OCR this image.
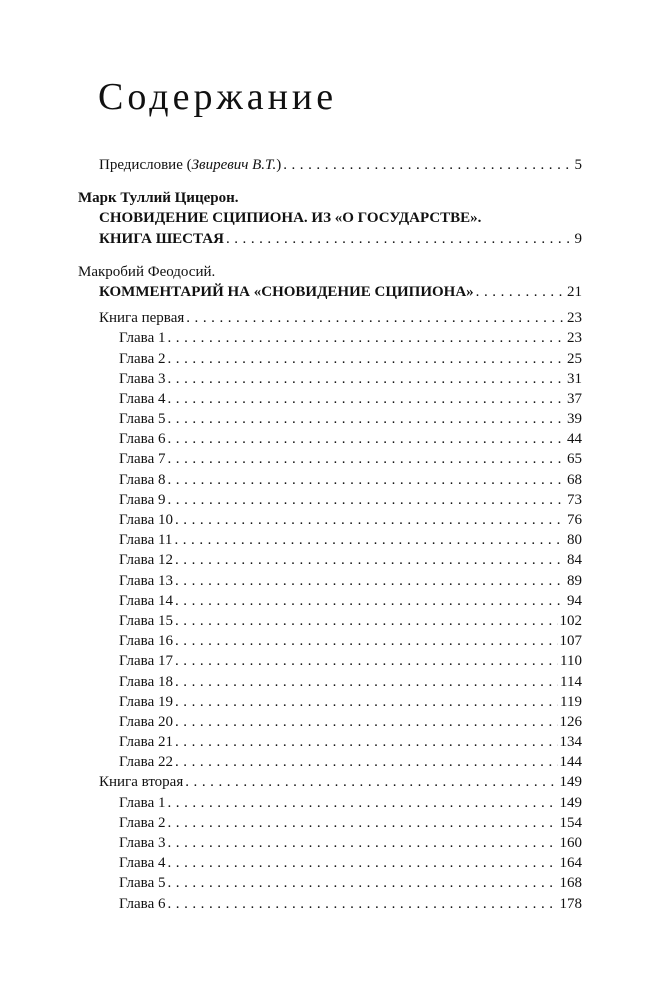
Содержание
Предисловие (Звиревич В.Т.) . . .	5
Марк Туллий Цицерон.
СНОВИДЕНИЕ СЦИПИОНА. ИЗ «О ГОСУДАРСТВЕ».
КНИГА ШЕСТАЯ . . .	9
Макробий Феодосий.
КОММЕНТАРИЙ НА «СНОВИДЕНИЕ СЦИПИОНА» . . .	21
Книга первая . . .	23
Глава 1 . . .	23
Глава 2 . . .	25
Глава 3 . . .	31
Глава 4 . . .	37
Глава 5 . . .	39
Глава 6 . . .	44
Глава 7 . . .	65
Глава 8 . . .	68
Глава 9 . . .	73
Глава 10 . . .	76
Глава 11 . . .	80
Глава 12 . . .	84
Глава 13 . . .	89
Глава 14 . . .	94
Глава 15 . . .	102
Глава 16 . . .	107
Глава 17 . . .	110
Глава 18 . . .	114
Глава 19 . . .	119
Глава 20 . . .	126
Глава 21 . . .	134
Глава 22 . . .	144
Книга вторая . . .	149
Глава 1 . . .	149
Глава 2 . . .	154
Глава 3 . . .	160
Глава 4 . . .	164
Глава 5 . . .	168
Глава 6 . . .	178
